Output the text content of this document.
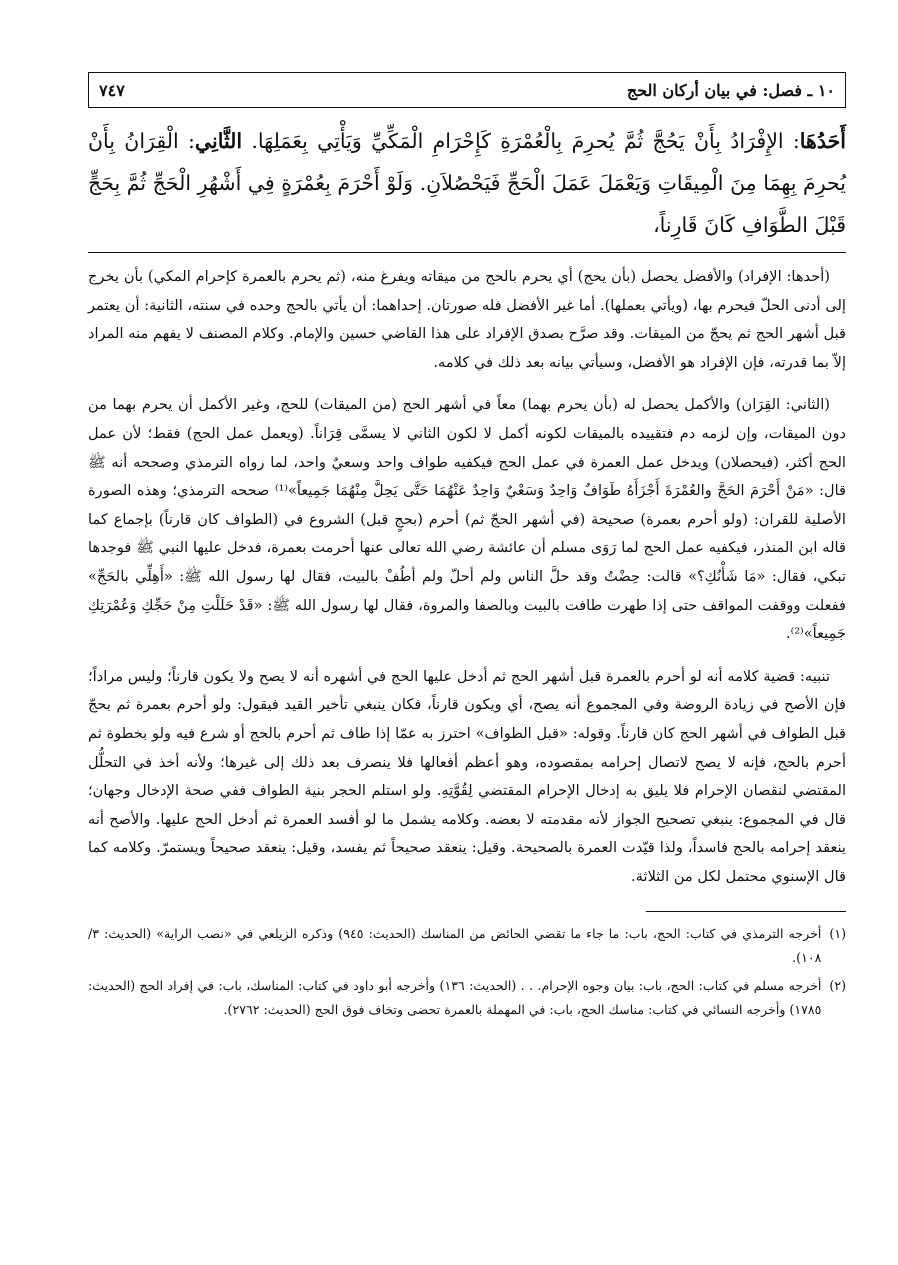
١٠ ـ فصل: في بيان أركان الحج
٧٤٧
أَحَدُهَا: الإِفْرَادُ بِأَنْ يَحُجَّ ثُمَّ يُحرِمَ بِالْعُمْرَةِ كَإِحْرَامِ الْمَكِّيِّ وَيَأْتِي بِعَمَلِهَا. الثَّانِي: الْقِرَانُ بِأَنْ يُحرِمَ بِهِمَا مِنَ الْمِيقَاتِ وَيَعْمَلَ عَمَلَ الْحَجِّ فَيَحْصُلاَنِ. وَلَوْ أَحْرَمَ بِعُمْرَةٍ فِي أَشْهُرِ الْحَجِّ ثُمَّ بِحَجٍّ قَبْلَ الطَّوَافِ كَانَ قَارِناً،

(أحدها: الإفراد) والأفضل يحصل (بأن يحج) أي يحرم بالحج من ميقاته ويفرغ منه، (ثم يحرم بالعمرة كإحرام المكي) بأن يخرج إلى أدنى الحلّ فيحرم بها، (ويأتي بعملها). أما غير الأفضل فله صورتان. إحداهما: أن يأتي بالحج وحده في سنته، الثانية: أن يعتمر قبل أشهر الحج ثم يحجّ من الميقات. وقد صرَّح بصدق الإفراد على هذا القاضي حسين والإمام. وكلام المصنف لا يفهم منه المراد إلاّ بما قدرته، فإن الإفراد هو الأفضل، وسيأتي بيانه بعد ذلك في كلامه.

(الثاني: القِرَان) والأكمل يحصل له (بأن يحرم بهما) معاً في أشهر الحج (من الميقات) للحج، وغير الأكمل أن يحرم بهما من دون الميقات، وإن لزمه دم فتقييده بالميقات لكونه أكمل لا لكون الثاني لا يسمَّى قِرَاناً. (ويعمل عمل الحج) فقط؛ لأن عمل الحج أكثر، (فيحصلان) ويدخل عمل العمرة في عمل الحج فيكفيه طواف واحد وسعيٌ واحد، لما رواه الترمذي وصححه أنه ﷺ قال: «مَنْ أَحْرَمَ الحَجَّ والعُمْرَةَ أَجْزَأَهُ طَوَافٌ وَاحِدٌ وَسَعْيٌ وَاحِدٌ عَنْهُمَا حَتَّى يَحِلَّ مِنْهُمَا جَمِيعاً»⁽¹⁾ صححه الترمذي؛ وهذه الصورة الأصلية للقران: (ولو أحرم بعمرة) صحيحة (في أشهر الحجّ ثم) أحرم (بحجٍ قبل) الشروع في (الطواف كان قارناً) بإجماع كما قاله ابن المنذر، فيكفيه عمل الحج لما رَوَى مسلم أن عائشة رضي الله تعالى عنها أحرمت بعمرة، فدخل عليها النبي ﷺ فوجدها تبكي، فقال: «مَا شَأْنُكِ؟» قالت: حِضْتُ وقد حلَّ الناس ولم أحلّ ولم أطُفْ بالبيت، فقال لها رسول الله ﷺ: «أَهِلِّي بالحَجِّ» ففعلت ووقفت المواقف حتى إذا طهرت طافت بالبيت وبالصفا والمروة، فقال لها رسول الله ﷺ: «قَدْ حَلَلْتِ مِنْ حَجِّكِ وَعُمْرَتِكِ جَمِيعاً»⁽²⁾.

تنبيه: قضية كلامه أنه لو أحرم بالعمرة قبل أشهر الحج ثم أدخل عليها الحج في أشهره أنه لا يصح ولا يكون قارناً؛ وليس مراداً؛ فإن الأصح في زيادة الروضة وفي المجموع أنه يصح، أي ويكون قارناً، فكان ينبغي تأخير القيد فيقول: ولو أحرم بعمرة ثم بحجّ قبل الطواف في أشهر الحج كان قارناً. وقوله: «قبل الطواف» احترز به عمّا إذا طاف ثم أحرم بالحج أو شرع فيه ولو بخطوة ثم أحرم بالحج، فإنه لا يصح لاتصال إحرامه بمقصوده، وهو أعظم أفعالها فلا ينصرف بعد ذلك إلى غيرها؛ ولأنه أخذ في التحلُّل المقتضي لنقصان الإحرام فلا يليق به إدخال الإحرام المقتضي لِقُوَّتِهِ. ولو استلم الحجر بنية الطواف ففي صحة الإدخال وجهان؛ قال في المجموع: ينبغي تصحيح الجواز لأنه مقدمته لا بعضه. وكلامه يشمل ما لو أفسد العمرة ثم أدخل الحج عليها. والأصح أنه ينعقد إحرامه بالحج فاسداً، ولذا قيّدت العمرة بالصحيحة. وقيل: ينعقد صحيحاً ثم يفسد، وقيل: ينعقد صحيحاً ويستمرّ. وكلامه كما قال الإسنوي محتمل لكل من الثلاثة.

(١)
أخرجه الترمذي في كتاب: الحج، باب: ما جاء ما تقضي الحائض من المناسك (الحديث: ٩٤٥) وذكره الزيلعي في «نصب الراية» (الحديث: ٣/ ١٠٨).
(٢)
أخرجه مسلم في كتاب: الحج، باب: بيان وجوه الإحرام. . . (الحديث: ١٣٦) وأخرجه أبو داود في كتاب: المناسك، باب: في إفراد الحج (الحديث: ١٧٨٥) وأخرجه النسائي في كتاب: مناسك الحج، باب: في المهملة بالعمرة تحضى وتخاف فوق الحج (الحديث: ٢٧٦٢).
